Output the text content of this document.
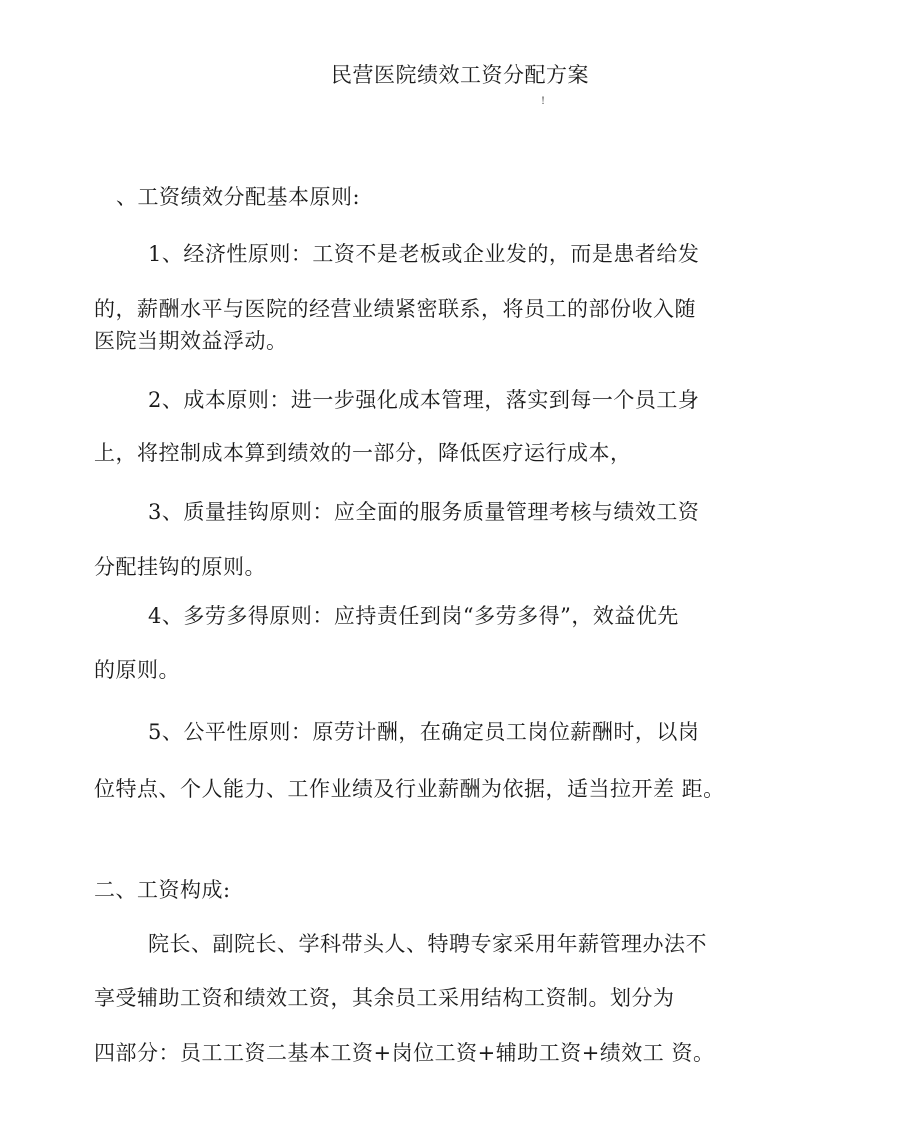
民营医院绩效工资分配方案
!
、工资绩效分配基本原则:
1、经济性原则：工资不是老板或企业发的，而是患者给发
的，薪酬水平与医院的经营业绩紧密联系，将员工的部份收入随
医院当期效益浮动。
2、成本原则：进一步强化成本管理，落实到每一个员工身
上，将控制成本算到绩效的一部分，降低医疗运行成本，
3、质量挂钩原则：应全面的服务质量管理考核与绩效工资
分配挂钩的原则。
4、多劳多得原则：应持责任到岗“多劳多得”，效益优先
的原则。
5、公平性原则：原劳计酬，在确定员工岗位薪酬时，以岗
位特点、个人能力、工作业绩及行业薪酬为依据，适当拉开差 距。
二、工资构成:
院长、副院长、学科带头人、特聘专家采用年薪管理办法不
享受辅助工资和绩效工资，其余员工采用结构工资制。划分为
四部分：员工工资二基本工资+岗位工资+辅助工资+绩效工 资。
